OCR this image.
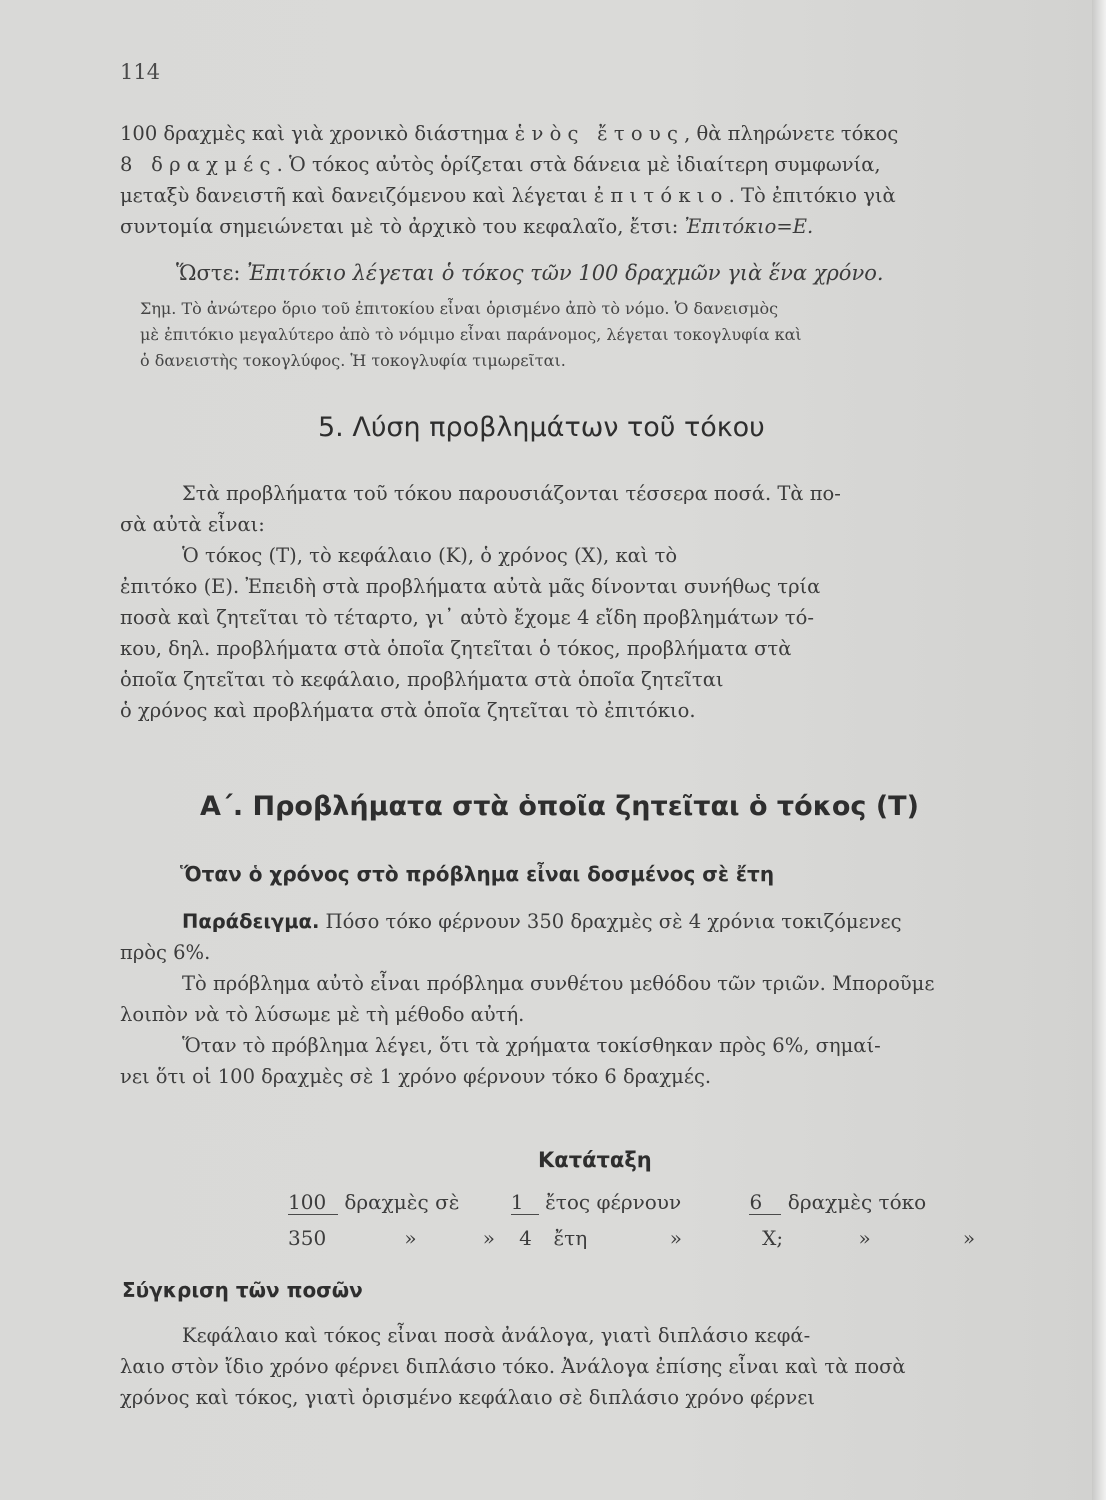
114
100 δραχμὲς καὶ γιὰ χρονικὸ διάστημα ἑνὸς ἔτους, θὰ πληρώνετε τόκος
8 δραχμές. Ὁ τόκος αὐτὸς ὁρίζεται στὰ δάνεια μὲ ἰδιαίτερη συμφωνία,
μεταξὺ δανειστῆ καὶ δανειζόμενου καὶ λέγεται ἐπιτόκιο. Τὸ ἐπιτόκιο γιὰ
συντομία σημειώνεται μὲ τὸ ἀρχικὸ του κεφαλαῖο, ἔτσι: Ἐπιτόκιο=Ε.
Ὥστε: Ἐπιτόκιο λέγεται ὁ τόκος τῶν 100 δραχμῶν γιὰ ἕνα χρόνο.
Σημ. Τὸ ἀνώτερο ὅριο τοῦ ἐπιτοκίου εἶναι ὁρισμένο ἀπὸ τὸ νόμο. Ὁ δανεισμὸς
μὲ ἐπιτόκιο μεγαλύτερο ἀπὸ τὸ νόμιμο εἶναι παράνομος, λέγεται τοκογλυφία καὶ
ὁ δανειστὴς τοκογλύφος. Ἡ τοκογλυφία τιμωρεῖται.
5. Λύση προβλημάτων τοῦ τόκου
Στὰ προβλήματα τοῦ τόκου παρουσιάζονται τέσσερα ποσά. Τὰ πο-
σὰ αὐτὰ εἶναι:
Ὁ τόκος (Τ), τὸ κεφάλαιο (Κ), ὁ χρόνος (Χ), καὶ τὸ
ἐπιτόκο (Ε). Ἐπειδὴ στὰ προβλήματα αὐτὰ μᾶς δίνονται συνήθως τρία
ποσὰ καὶ ζητεῖται τὸ τέταρτο, γι᾿ αὐτὸ ἔχομε 4 εἴδη προβλημάτων τό-
κου, δηλ. προβλήματα στὰ ὁποῖα ζητεῖται ὁ τόκος, προβλήματα στὰ
ὁποῖα ζητεῖται τὸ κεφάλαιο, προβλήματα στὰ ὁποῖα ζητεῖται
ὁ χρόνος καὶ προβλήματα στὰ ὁποῖα ζητεῖται τὸ ἐπιτόκιο.
Α΄. Προβλήματα στὰ ὁποῖα ζητεῖται ὁ τόκος (Τ)
Ὅταν ὁ χρόνος στὸ πρόβλημα εἶναι δοσμένος σὲ ἔτη
Παράδειγμα. Πόσο τόκο φέρνουν 350 δραχμὲς σὲ 4 χρόνια τοκιζόμενες
πρὸς 6%.
Τὸ πρόβλημα αὐτὸ εἶναι πρόβλημα συνθέτου μεθόδου τῶν τριῶν. Μποροῦμε
λοιπὸν νὰ τὸ λύσωμε μὲ τὴ μέθοδο αὐτή.
Ὅταν τὸ πρόβλημα λέγει, ὅτι τὰ χρήματα τοκίσθηκαν πρὸς 6%, σημαί-
νει ὅτι οἱ 100 δραχμὲς σὲ 1 χρόνο φέρνουν τόκο 6 δραχμές.
Κατάταξη
100 δραχμὲς σὲ	1 ἔτος φέρνουν	6 δραχμὲς τόκο
350	»	» 4 ἔτη	»	Χ;	»	»
Σύγκριση τῶν ποσῶν
Κεφάλαιο καὶ τόκος εἶναι ποσὰ ἀνάλογα, γιατὶ διπλάσιο κεφά-
λαιο στὸν ἴδιο χρόνο φέρνει διπλάσιο τόκο. Ἀνάλογα ἐπίσης εἶναι καὶ τὰ ποσὰ
χρόνος καὶ τόκος, γιατὶ ὁρισμένο κεφάλαιο σὲ διπλάσιο χρόνο φέρνει
